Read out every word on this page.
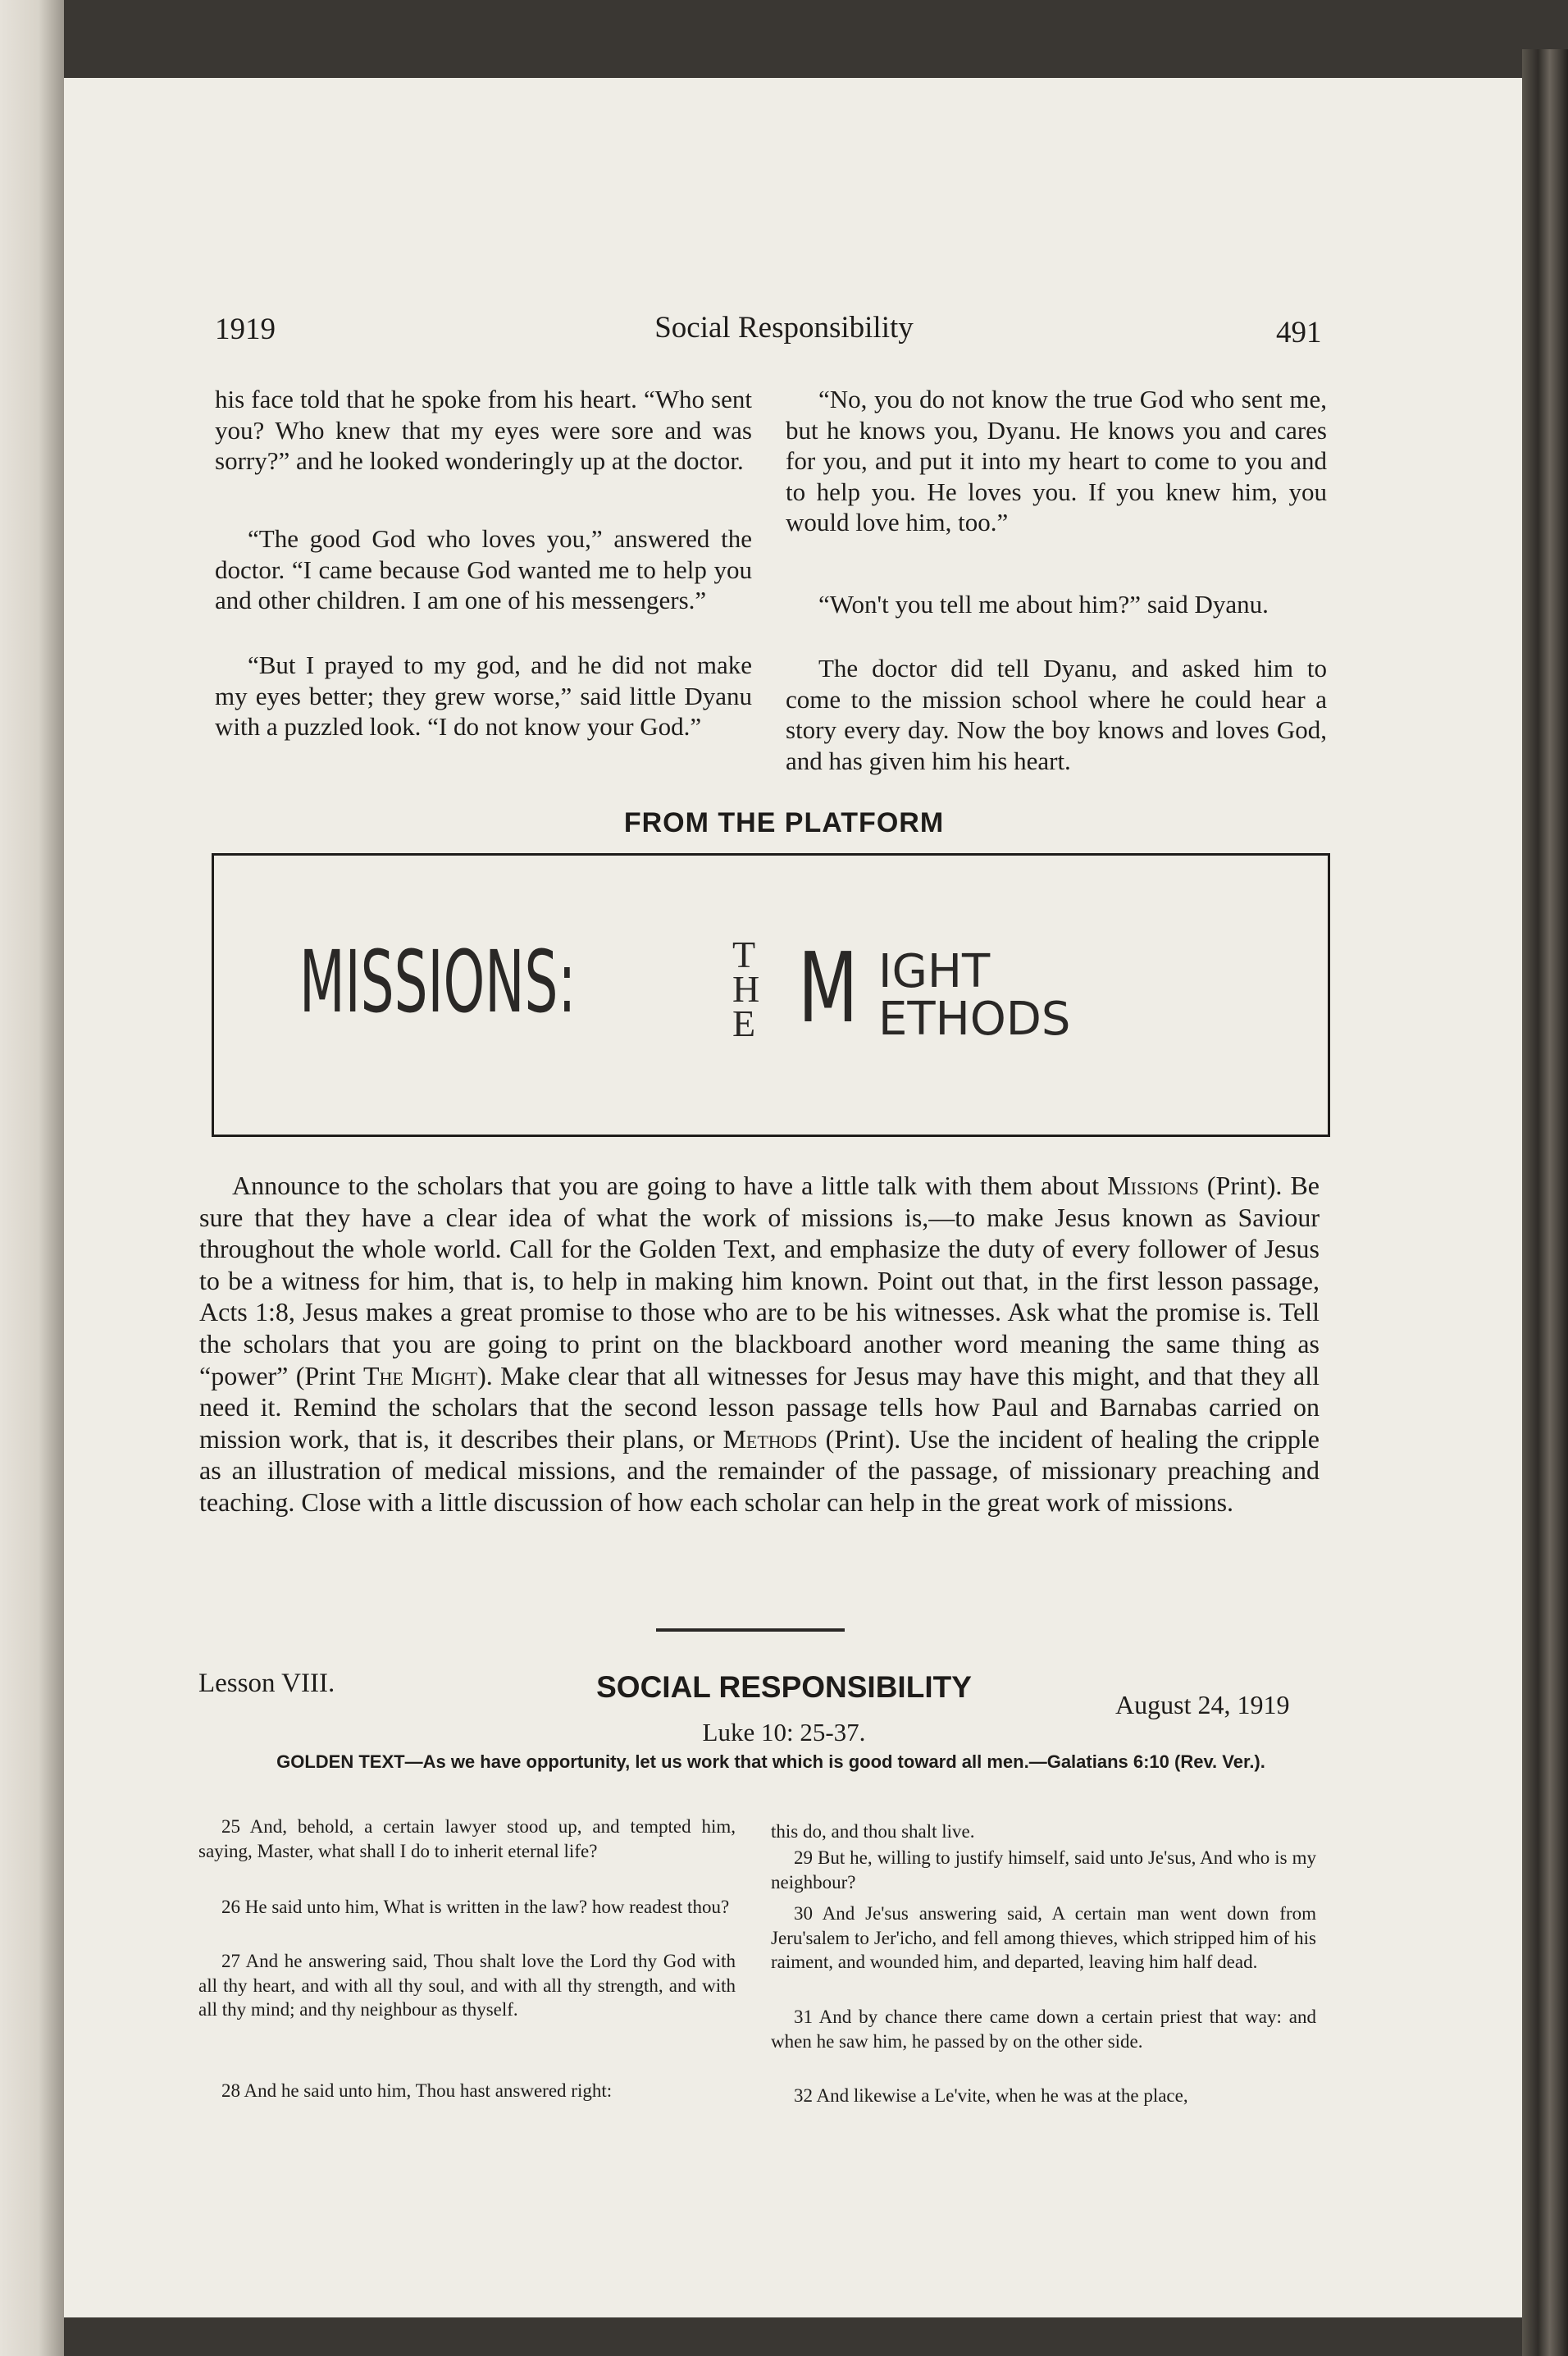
1919	Social Responsibility	491

his face told that he spoke from his heart. “Who sent you? Who knew that my eyes were sore and was sorry?” and he looked wonderingly up at the doctor.

“The good God who loves you,” answered the doctor. “I came because God wanted me to help you and other children. I am one of his messengers.”

“But I prayed to my god, and he did not make my eyes better; they grew worse,” said little Dyanu with a puzzled look. “I do not know your God.”

“No, you do not know the true God who sent me, but he knows you, Dyanu. He knows you and cares for you, and put it into my heart to come to you and to help you. He loves you. If you knew him, you would love him, too.”

“Won't you tell me about him?” said Dyanu.

The doctor did tell Dyanu, and asked him to come to the mission school where he could hear a story every day. Now the boy knows and loves God, and has given him his heart.

FROM THE PLATFORM
MISSIONS:	T
H
E M IGHT
ETHODS

Announce to the scholars that you are going to have a little talk with them about Missions (Print). Be sure that they have a clear idea of what the work of missions is,—to make Jesus known as Saviour throughout the whole world. Call for the Golden Text, and emphasize the duty of every follower of Jesus to be a witness for him, that is, to help in making him known. Point out that, in the first lesson passage, Acts 1:8, Jesus makes a great promise to those who are to be his witnesses. Ask what the promise is. Tell the scholars that you are going to print on the blackboard another word meaning the same thing as “power” (Print The Might). Make clear that all witnesses for Jesus may have this might, and that they all need it. Remind the scholars that the second lesson passage tells how Paul and Barnabas carried on mission work, that is, it describes their plans, or Methods (Print). Use the incident of healing the cripple as an illustration of medical missions, and the remainder of the passage, of missionary preaching and teaching. Close with a little discussion of how each scholar can help in the great work of missions.

Lesson VIII.	SOCIAL RESPONSIBILITY
August 24, 1919
Luke 10: 25-37.
GOLDEN TEXT—As we have opportunity, let us work that which is good toward all men.—Galatians 6:10 (Rev. Ver.).

25 And, behold, a certain lawyer stood up, and tempted him, saying, Master, what shall I do to inherit eternal life?

26 He said unto him, What is written in the law? how readest thou?

27 And he answering said, Thou shalt love the Lord thy God with all thy heart, and with all thy soul, and with all thy strength, and with all thy mind; and thy neighbour as thyself.

28 And he said unto him, Thou hast answered right:

this do, and thou shalt live.

29 But he, willing to justify himself, said unto Je'sus, And who is my neighbour?

30 And Je'sus answering said, A certain man went down from Jeru'salem to Jer'icho, and fell among thieves, which stripped him of his raiment, and wounded him, and departed, leaving him half dead.

31 And by chance there came down a certain priest that way: and when he saw him, he passed by on the other side.

32 And likewise a Le'vite, when he was at the place,
